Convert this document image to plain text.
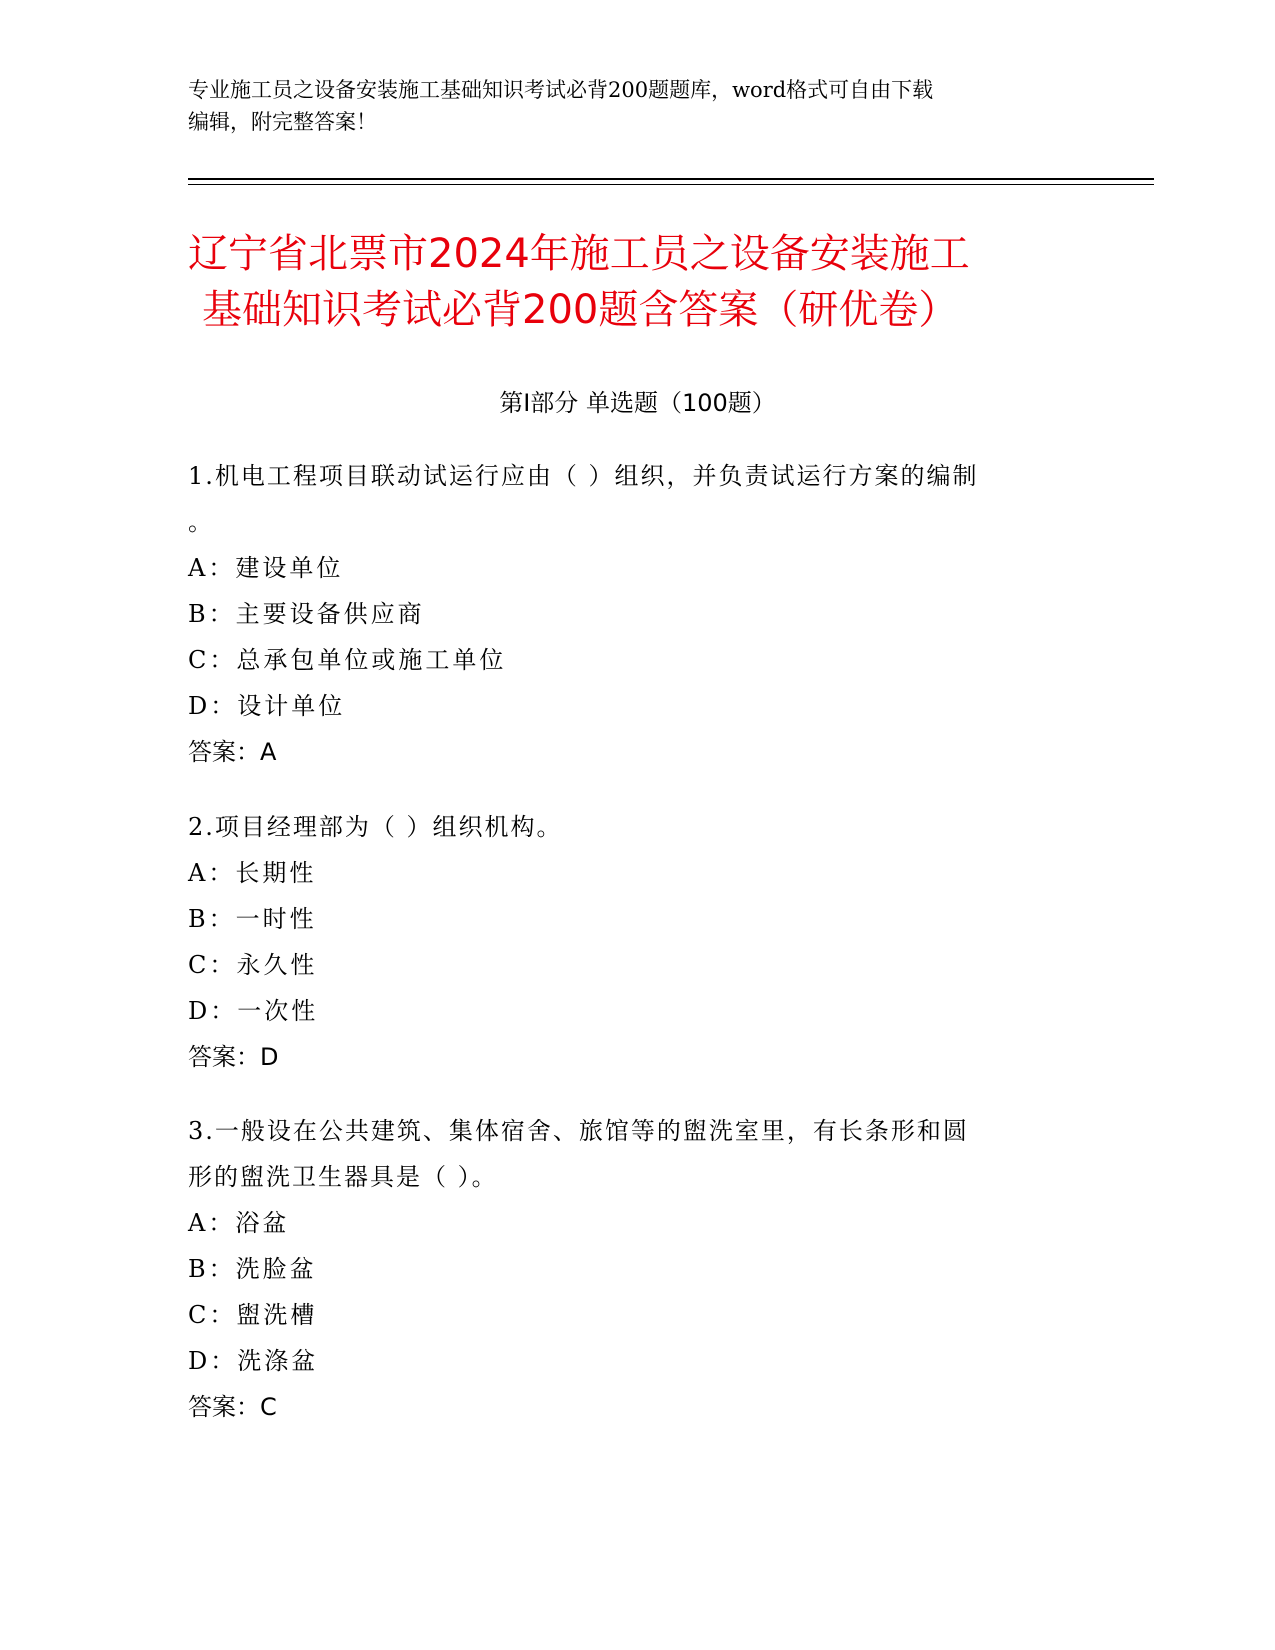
专业施工员之设备安装施工基础知识考试必背200题题库，word格式可自由下载
编辑，附完整答案！
辽宁省北票市2024年施工员之设备安装施工
基础知识考试必背200题含答案（研优卷）
第Ⅰ部分 单选题（100题）

1.机电工程项目联动试运行应由（ ）组织，并负责试运行方案的编制

。

A：建设单位

B：主要设备供应商

C：总承包单位或施工单位

D：设计单位

答案：A

2.项目经理部为（ ）组织机构。

A：长期性

B：一时性

C：永久性

D：一次性

答案：D

3.一般设在公共建筑、集体宿舍、旅馆等的盥洗室里，有长条形和圆

形的盥洗卫生器具是（ ）。

A：浴盆

B：洗脸盆

C：盥洗槽

D：洗涤盆

答案：C
